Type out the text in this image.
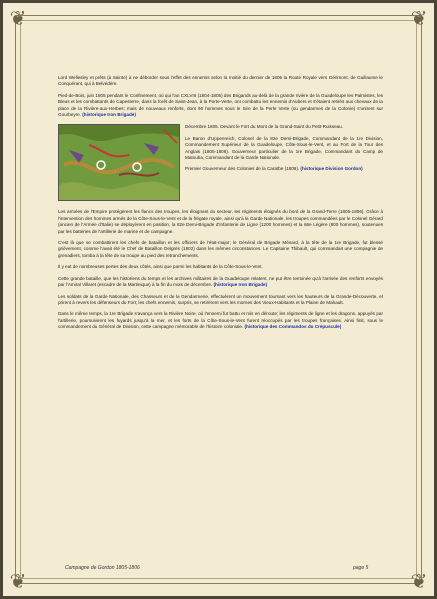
❦	❦
❦	❦

Lord Wellesley et prêts (à Sainte) à ne déborder sous l'effet des ennemis selon la moitié du dernier de 1805 la Route Royale vers Gérimont, de Guillaume le Conquérant, qui à Belvédère.

Pied-de-Bois, juin 1805 pendant le Confinement, où qui l'an CXLVIII (1804-1805) des Brigands au-delà de la grande rivière de la Guadeloupe les Palmistes, les Bleus et les combattants de Capesterre, dans la forêt de Saint-Jean, à la Porte-Verte, ont combattu les ennemis d'Aubers et s'étaient retirés aux chevaux de la place de la Rivière-aux-Herbes; mais de nouveaux renforts, dont 90 hommes sous le Sire de la Perle Verte (ou gendarmes de la Colonie) s'unirent sur Gourbeyre. (historique Iron Brigade)

Décembre 1805. Devant le Fort du Mont de la Grand-Saint du Petit-Ruisseau.

Le Baron d'Uppenreich, Colonel de la 82e Demi-Brigade, Commandant de la 1re Division, Commandement Supérieur de la Guadeloupe, Côte-Sous-le-Vent, et au Fort de la Tour des Anglais (1805-1806). Gouverneur particulier de la 1re Brigade, Commandant du Camp de Matouba, Commandant de la Garde Nationale.

Premier Gouverneur des Colonies de la Caraïbe (1806). (historique Division Gordon)

Les armées de l'Empire protégèrent les flancs des troupes, les éloignant du secteur, les régiments éloignés du bord de la Grand-Terre (1805-1806). Grâce à l'intervention des hommes armés de la Côte-Sous-le-Vent et de la frégate royale, ainsi qu'à la Garde Nationale, les troupes commandées par le Colonel Gérard (ancien de l'Armée d'Italie) se déployèrent en position, la 82e Demi-Brigade d'Infanterie de Ligne (1200 hommes) et la 66e Légère (800 hommes), soutenues par les batteries de l'artillerie de marine et de campagne.

C'est là que se combattirent les chefs de bataillon et les officiers de l'état-major; le Général de Brigade Ménard, à la tête de la 1re Brigade, fut blessé grièvement, comme l'avait été le Chef de Bataillon Delgrès (1802) dans les mêmes circonstances. Le Capitaine Thibault, qui commandait une compagnie de grenadiers, tomba à la tête de sa troupe au pied des retranchements.

Il y eut de nombreuses pertes des deux côtés, ainsi que parmi les habitants de la Côte-Sous-le-Vent.

Cette grande bataille, que les historiens du temps et les archives militaires de la Guadeloupe relatent, ne put être terminée qu'à l'arrivée des renforts envoyés par l'Amiral Villaret (escadre de la Martinique) à la fin du mois de décembre. (historique Iron Brigade)

Les soldats de la Garde Nationale, des Chasseurs et de la Gendarmerie, effectuèrent un mouvement tournant vers les hauteurs de la Grande-Découverte, et prirent à revers les défenseurs du Fort; les chefs ennemis, surpris, se retirèrent vers les mornes des Vieux-Habitants et la Plaine de Mahault.

Dans le même temps, la 1re Brigade s'avança vers la Rivière Noire, où l'ennemi fut battu et mis en déroute; les régiments de ligne et les dragons, appuyés par l'artillerie, poursuivirent les fuyards jusqu'à la mer, et les forts de la Côte-Sous-le-Vent furent réoccupés par les troupes françaises. Ainsi finit, sous le commandement du Général de Division, cette campagne mémorable de l'histoire coloniale. (historique des Commandos du Crépuscule)

Campagne de Gordon 1805-1806	page 5
